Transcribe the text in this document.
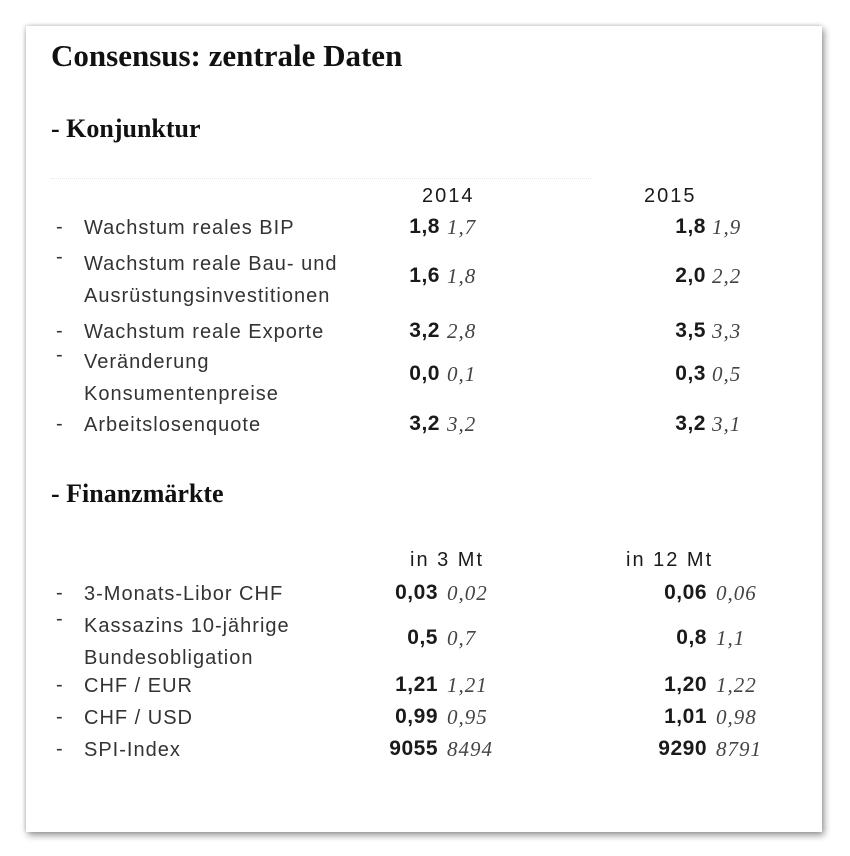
Consensus: zentrale Daten
- Konjunktur
2014	2015
- Wachstum reales BIP	1,8 1,7	1,8 1,9
- Wachstum reale Bau- und
Ausrüstungsinvestitionen
1,6 1,8	2,0 2,2
- Wachstum reale Exporte	3,2 2,8	3,5 3,3
- Veränderung
Konsumentenpreise
0,0 0,1	0,3 0,5
- Arbeitslosenquote	3,2 3,2	3,2 3,1
- Finanzmärkte
in 3 Mt	in 12 Mt
- 3-Monats-Libor CHF	0,03 0,02	0,06 0,06
- Kassazins 10-jährige
Bundesobligation
0,5 0,7	0,8 1,1
- CHF / EUR	1,21 1,21	1,20 1,22
- CHF / USD	0,99 0,95	1,01 0,98
- SPI-Index	9055 8494	9290 8791
